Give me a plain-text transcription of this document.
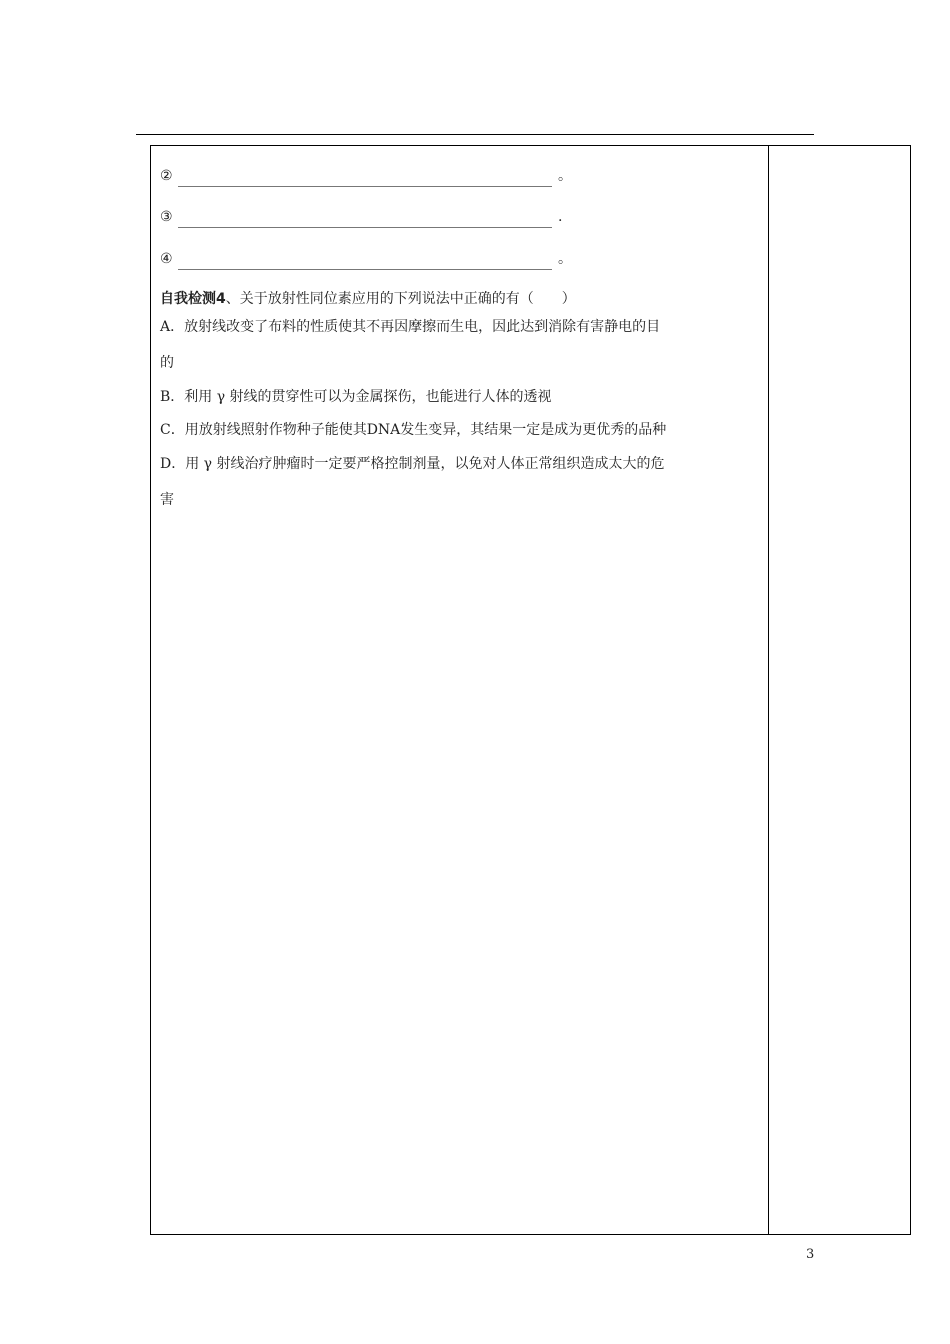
②	。
③	.
④	。
自我检测4、关于放射性同位素应用的下列说法中正确的有（　　）
A．放射线改变了布料的性质使其不再因摩擦而生电，因此达到消除有害静电的目
的
B．利用 γ 射线的贯穿性可以为金属探伤，也能进行人体的透视
C．用放射线照射作物种子能使其DNA发生变异，其结果一定是成为更优秀的品种
D．用 γ 射线治疗肿瘤时一定要严格控制剂量，以免对人体正常组织造成太大的危
害
3
